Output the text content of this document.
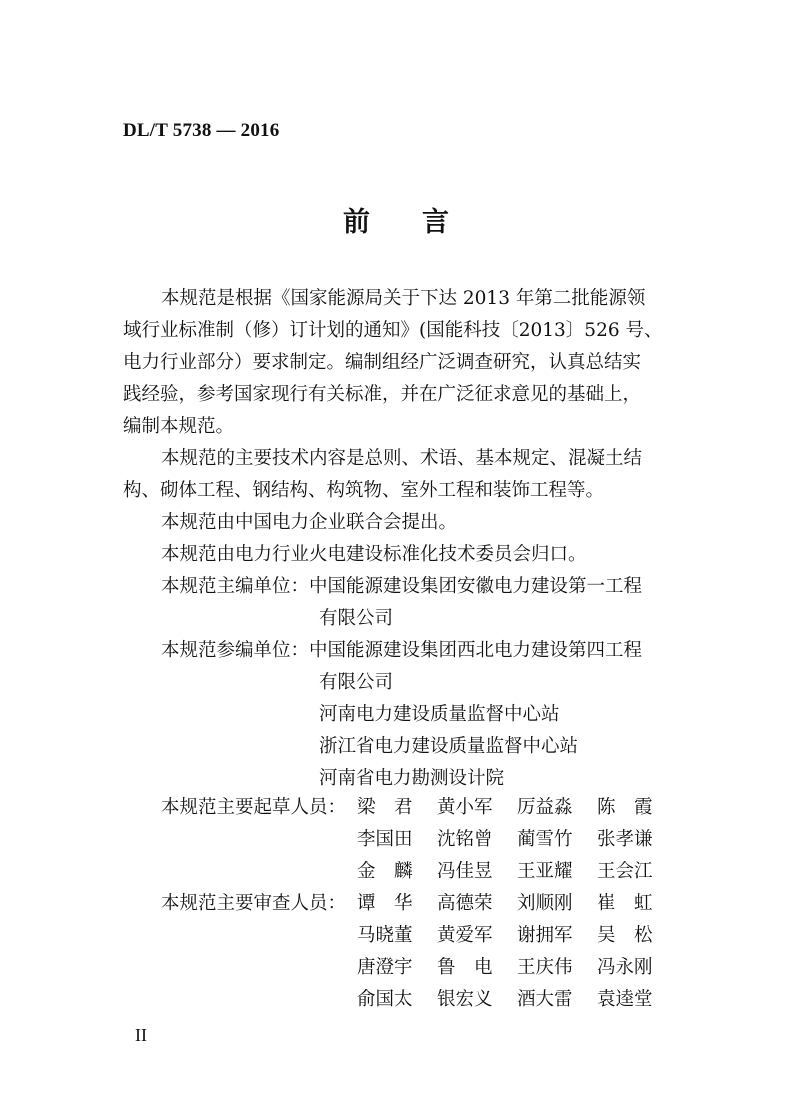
DL/T 5738 — 2016
前言
本规范是根据《国家能源局关于下达 2013 年第二批能源领
域行业标准制（修）订计划的通知》(国能科技〔2013〕526 号、
电力行业部分）要求制定。编制组经广泛调查研究，认真总结实
践经验，参考国家现行有关标准，并在广泛征求意见的基础上，
编制本规范。
本规范的主要技术内容是总则、术语、基本规定、混凝土结
构、砌体工程、钢结构、构筑物、室外工程和装饰工程等。
本规范由中国电力企业联合会提出。
本规范由电力行业火电建设标准化技术委员会归口。
本规范主编单位：中国能源建设集团安徽电力建设第一工程
有限公司
本规范参编单位：中国能源建设集团西北电力建设第四工程
有限公司
河南电力建设质量监督中心站
浙江省电力建设质量监督中心站
河南省电力勘测设计院
本规范主要起草人员： 梁　君	黄小军	厉益淼	陈　霞
李国田	沈铭曾	蔺雪竹	张孝谦
金　麟	冯佳昱	王亚耀	王会江
本规范主要审查人员： 谭　华	高德荣	刘顺刚	崔　虹
马晓董	黄爱军	谢拥军	吴　松
唐澄宇	鲁　电	王庆伟	冯永刚
俞国太	银宏义	酒大雷	袁逵堂
II
